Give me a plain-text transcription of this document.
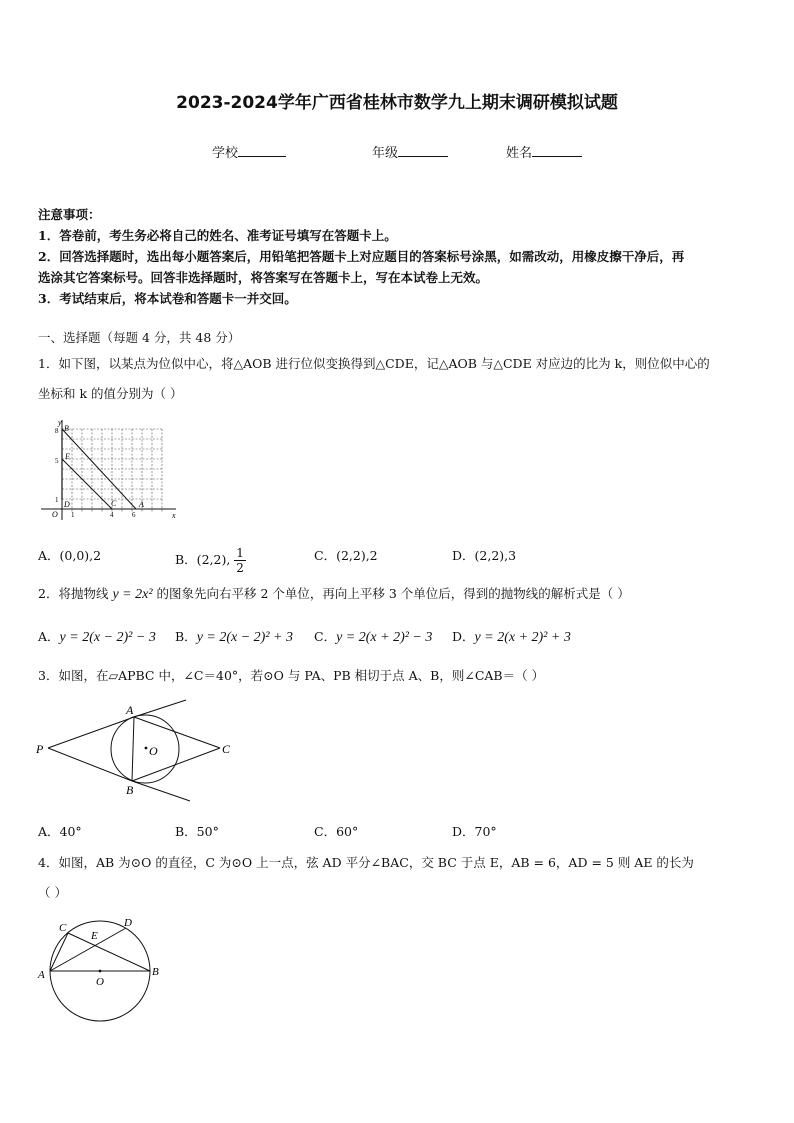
2023-2024学年广西省桂林市数学九上期末调研模拟试题
学校	年级	姓名
注意事项：
1．答卷前，考生务必将自己的姓名、准考证号填写在答题卡上。
2．回答选择题时，选出每小题答案后，用铅笔把答题卡上对应题目的答案标号涂黑，如需改动，用橡皮擦干净后，再
选涂其它答案标号。回答非选择题时，将答案写在答题卡上，写在本试卷上无效。
3．考试结束后，将本试卷和答题卡一并交回。
一、选择题（每题 4 分，共 48 分）
1．如下图，以某点为位似中心，将△AOB 进行位似变换得到△CDE，记△AOB 与△CDE 对应边的比为 k，则位似中心的
坐标和 k 的值分别为（ ）
y
x
B
E
D	C	A
O
8
5
1
1	4	6
A．(0,0),2	B．(2,2), $\frac{1}{2}$	C．(2,2),2	D．(2,2),3
2．将抛物线 y = 2x² 的图象先向右平移 2 个单位，再向上平移 3 个单位后，得到的抛物线的解析式是（ ）
A．y = 2(x − 2)² − 3 B．y = 2(x − 2)² + 3 C．y = 2(x + 2)² − 3 D．y = 2(x + 2)² + 3
3．如图，在▱APBC 中，∠C＝40°，若⊙O 与 PA、PB 相切于点 A、B，则∠CAB＝（ ）
P
A
B
C
O
A．40°	B．50°	C．60°	D．70°
4．如图，AB 为⊙O 的直径，C 为⊙O 上一点，弦 AD 平分∠BAC，交 BC 于点 E，AB = 6，AD = 5 则 AE 的长为
（ ）
C	D
E
A	B
O
